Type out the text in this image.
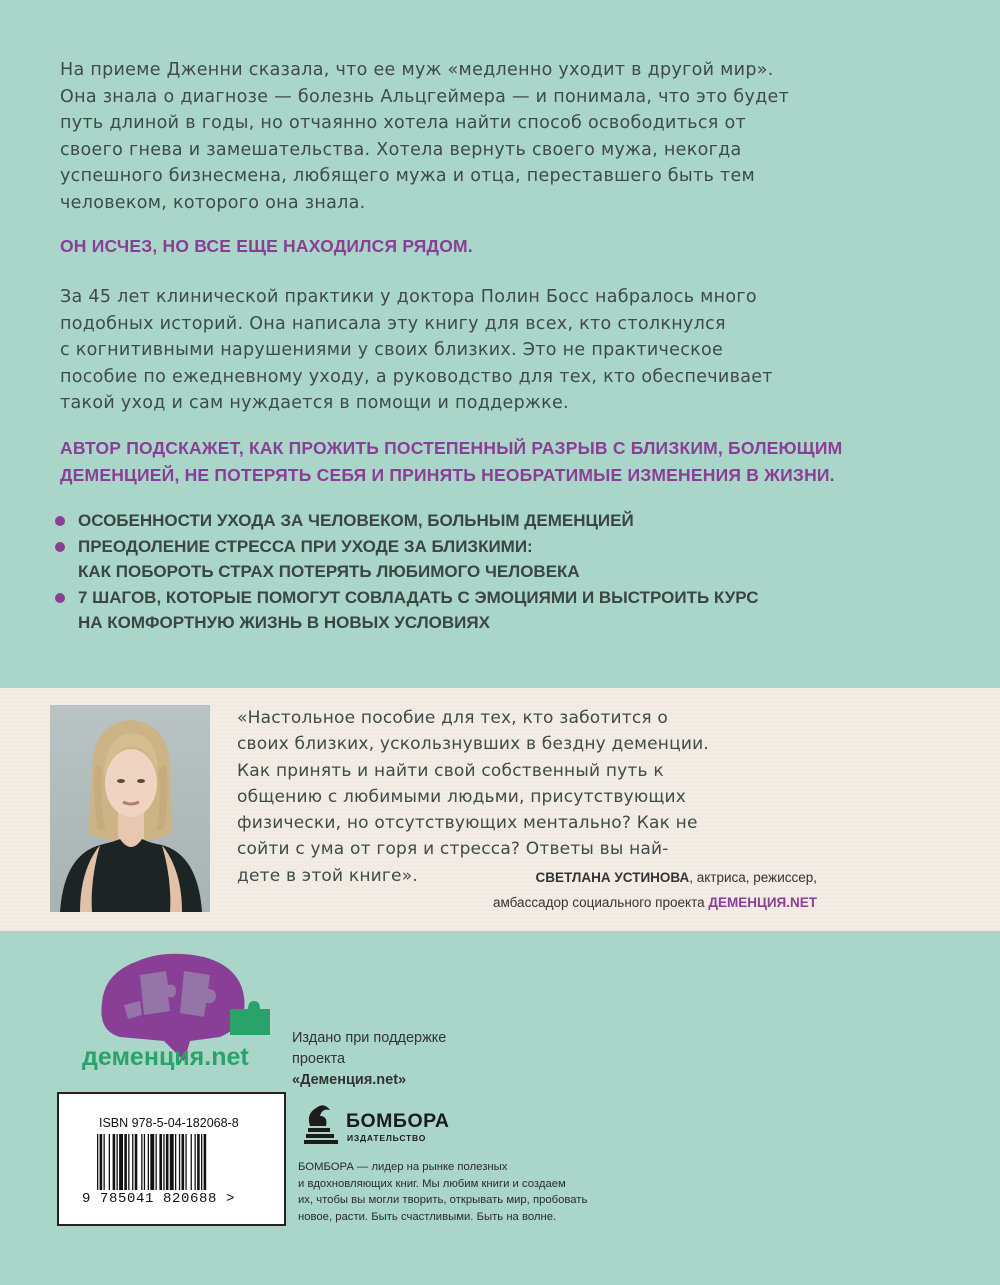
На приеме Дженни сказала, что ее муж «медленно уходит в другой мир».
Она знала о диагнозе — болезнь Альцгеймера — и понимала, что это будет
путь длиной в годы, но отчаянно хотела найти способ освободиться от
своего гнева и замешательства. Хотела вернуть своего мужа, некогда
успешного бизнесмена, любящего мужа и отца, переставшего быть тем
человеком, которого она знала.
ОН ИСЧЕЗ, НО ВСЕ ЕЩЕ НАХОДИЛСЯ РЯДОМ.
За 45 лет клинической практики у доктора Полин Босс набралось много
подобных историй. Она написала эту книгу для всех, кто столкнулся
с когнитивными нарушениями у своих близких. Это не практическое
пособие по ежедневному уходу, а руководство для тех, кто обеспечивает
такой уход и сам нуждается в помощи и поддержке.
АВТОР ПОДСКАЖЕТ, КАК ПРОЖИТЬ ПОСТЕПЕННЫЙ РАЗРЫВ С БЛИЗКИМ, БОЛЕЮЩИМ
ДЕМЕНЦИЕЙ, НЕ ПОТЕРЯТЬ СЕБЯ И ПРИНЯТЬ НЕОБРАТИМЫЕ ИЗМЕНЕНИЯ В ЖИЗНИ.
ОСОБЕННОСТИ УХОДА ЗА ЧЕЛОВЕКОМ, БОЛЬНЫМ ДЕМЕНЦИЕЙ
ПРЕОДОЛЕНИЕ СТРЕССА ПРИ УХОДЕ ЗА БЛИЗКИМИ:
КАК ПОБОРОТЬ СТРАХ ПОТЕРЯТЬ ЛЮБИМОГО ЧЕЛОВЕКА
7 ШАГОВ, КОТОРЫЕ ПОМОГУТ СОВЛАДАТЬ С ЭМОЦИЯМИ И ВЫСТРОИТЬ КУРС
НА КОМФОРТНУЮ ЖИЗНЬ В НОВЫХ УСЛОВИЯХ
«Настольное пособие для тех, кто заботится о
своих близких, ускользнувших в бездну деменции.
Как принять и найти свой собственный путь к
общению с любимыми людьми, присутствующих
физически, но отсутствующих ментально? Как не
сойти с ума от горя и стресса? Ответы вы най-
дете в этой книге».	СВЕТЛАНА УСТИНОВА, актриса, режиссер,
амбассадор социального проекта ДЕМЕНЦИЯ.NET
деменция.net
Издано при поддержке
проекта
«Деменция.net»
ISBN 978-5-04-182068-8
9 785041 820688 >
БОМБОРА
ИЗДАТЕЛЬСТВО
БОМБОРА — лидер на рынке полезных
и вдохновляющих книг. Мы любим книги и создаем
их, чтобы вы могли творить, открывать мир, пробовать
новое, расти. Быть счастливыми. Быть на волне.
